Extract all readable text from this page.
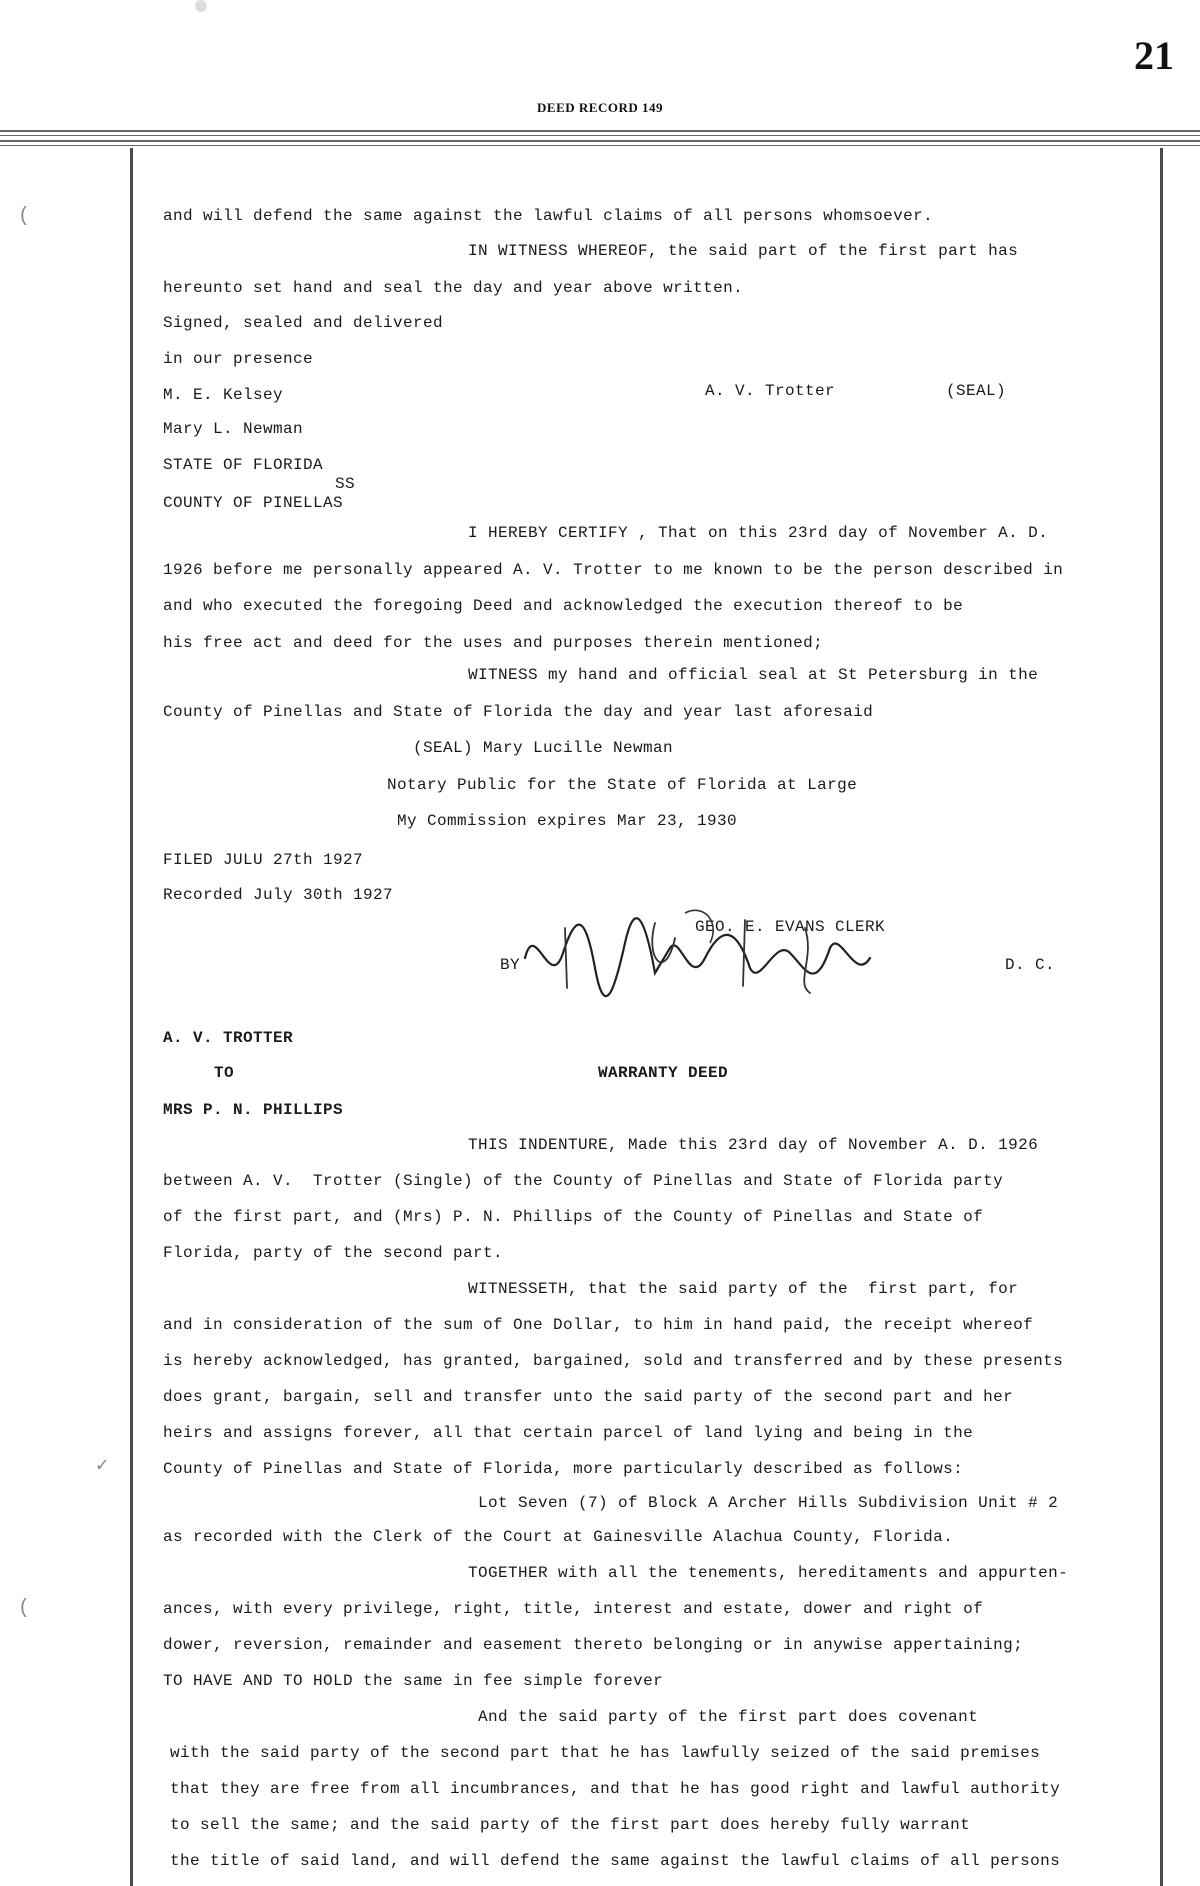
21
DEED RECORD 149
(
✓
(
and will defend the same against the lawful claims of all persons whomsoever.
IN WITNESS WHEREOF, the said part of the first part has
hereunto set hand and seal the day and year above written.
Signed, sealed and delivered
in our presence
M. E. Kelsey	A. V. Trotter	(SEAL)
Mary L. Newman
STATE OF FLORIDA
SS
COUNTY OF PINELLAS
I HEREBY CERTIFY , That on this 23rd day of November A. D.
1926 before me personally appeared A. V. Trotter to me known to be the person described in
and who executed the foregoing Deed and acknowledged the execution thereof to be
his free act and deed for the uses and purposes therein mentioned;
WITNESS my hand and official seal at St Petersburg in the
County of Pinellas and State of Florida the day and year last aforesaid
(SEAL) Mary Lucille Newman
Notary Public for the State of Florida at Large
My Commission expires Mar 23, 1930
FILED JULU 27th 1927
Recorded July 30th 1927
GEO. E. EVANS CLERK
BY	D. C.
A. V. TROTTER
TO	WARRANTY DEED
MRS P. N. PHILLIPS
THIS INDENTURE, Made this 23rd day of November A. D. 1926
between A. V.  Trotter (Single) of the County of Pinellas and State of Florida party
of the first part, and (Mrs) P. N. Phillips of the County of Pinellas and State of
Florida, party of the second part.
WITNESSETH, that the said party of the  first part, for
and in consideration of the sum of One Dollar, to him in hand paid, the receipt whereof
is hereby acknowledged, has granted, bargained, sold and transferred and by these presents
does grant, bargain, sell and transfer unto the said party of the second part and her
heirs and assigns forever, all that certain parcel of land lying and being in the
County of Pinellas and State of Florida, more particularly described as follows:
Lot Seven (7) of Block A Archer Hills Subdivision Unit # 2
as recorded with the Clerk of the Court at Gainesville Alachua County, Florida.
TOGETHER with all the tenements, hereditaments and appurten-
ances, with every privilege, right, title, interest and estate, dower and right of
dower, reversion, remainder and easement thereto belonging or in anywise appertaining;
TO HAVE AND TO HOLD the same in fee simple forever
And the said party of the first part does covenant
with the said party of the second part that he has lawfully seized of the said premises
that they are free from all incumbrances, and that he has good right and lawful authority
to sell the same; and the said party of the first part does hereby fully warrant
the title of said land, and will defend the same against the lawful claims of all persons
